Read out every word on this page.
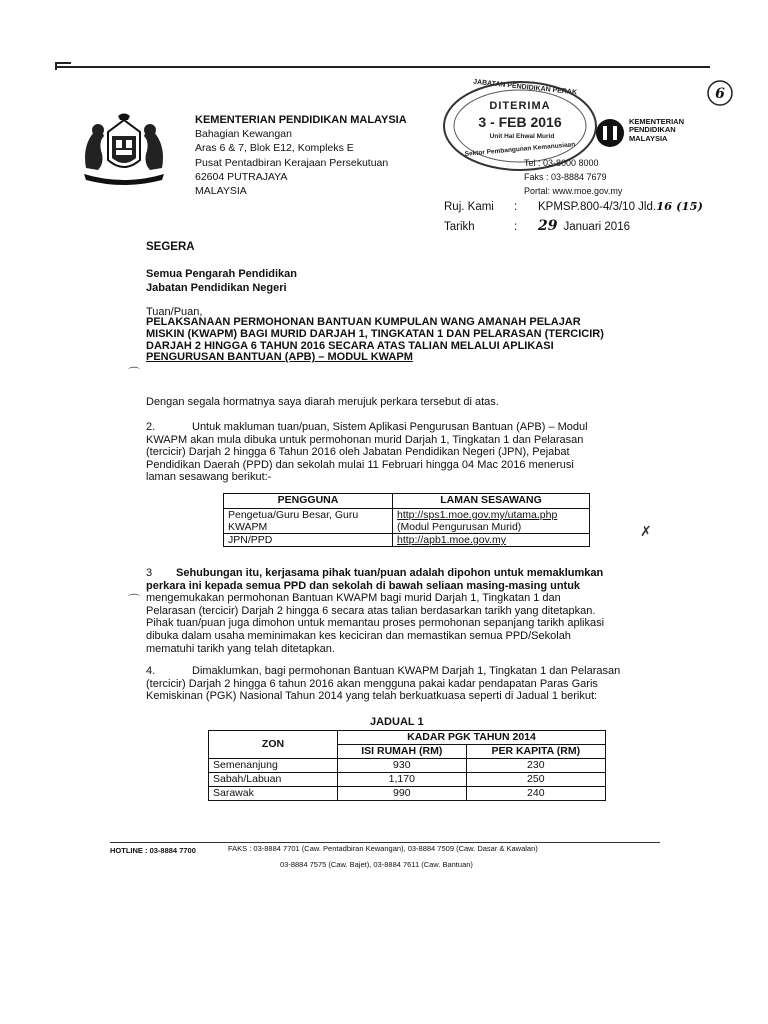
KEMENTERIAN PENDIDIKAN MALAYSIA
Bahagian Kewangan
Aras 6 & 7, Blok E12, Kompleks E
Pusat Pentadbiran Kerajaan Persekutuan
62604 PUTRAJAYA
MALAYSIA
JABATAN PENDIDIKAN PERAK
DITERIMA
3 - FEB 2016
Unit Hal Ehwal Murid
Sektor Pembangunan Kemanusiaan
6
KEMENTERIAN
PENDIDIKAN
MALAYSIA
Tel : 03-8000 8000
Faks : 03-8884 7679
Portal: www.moe.gov.my
Ruj. Kami : KPMSP.800-4/3/10 Jld.16 (15)
Tarikh	: 29 Januari 2016
SEGERA
Semua Pengarah Pendidikan
Jabatan Pendidikan Negeri
Tuan/Puan,
PELAKSANAAN PERMOHONAN BANTUAN KUMPULAN WANG AMANAH PELAJAR
MISKIN (KWAPM) BAGI MURID DARJAH 1, TINGKATAN 1 DAN PELARASAN (TERCICIR)
DARJAH 2 HINGGA 6 TAHUN 2016 SECARA ATAS TALIAN MELALUI APLIKASI
PENGURUSAN BANTUAN (APB) – MODUL KWAPM
⌒
Dengan segala hormatnya saya diarah merujuk perkara tersebut di atas.
2.	Untuk makluman tuan/puan, Sistem Aplikasi Pengurusan Bantuan (APB) – Modul
KWAPM akan mula dibuka untuk permohonan murid Darjah 1, Tingkatan 1 dan Pelarasan
(tercicir) Darjah 2 hingga 6 Tahun 2016 oleh Jabatan Pendidikan Negeri (JPN), Pejabat
Pendidikan Daerah (PPD) dan sekolah mulai 11 Februari hingga 04 Mac 2016 menerusi
laman sesawang berikut:-
PENGGUNA	LAMAN SESAWANG
Pengetua/Guru Besar, Guru KWAPM	http://sps1.moe.gov.my/utama.php
(Modul Pengurusan Murid)

JPN/PPD	http://apb1.moe.gov.my
✗
3 Sehubungan itu, kerjasama pihak tuan/puan adalah dipohon untuk memaklumkan
perkara ini kepada semua PPD dan sekolah di bawah seliaan masing-masing untuk
mengemukakan permohonan Bantuan KWAPM bagi murid Darjah 1, Tingkatan 1 dan
Pelarasan (tercicir) Darjah 2 hingga 6 secara atas talian berdasarkan tarikh yang ditetapkan.
Pihak tuan/puan juga dimohon untuk memantau proses permohonan sepanjang tarikh aplikasi
dibuka dalam usaha meminimakan kes keciciran dan memastikan semua PPD/Sekolah
mematuhi tarikh yang telah ditetapkan.
⌒
4.	Dimaklumkan, bagi permohonan Bantuan KWAPM Darjah 1, Tingkatan 1 dan Pelarasan
(tercicir) Darjah 2 hingga 6 tahun 2016 akan mengguna pakai kadar pendapatan Paras Garis
Kemiskinan (PGK) Nasional Tahun 2014 yang telah berkuatkuasa seperti di Jadual 1 berikut:
JADUAL 1
ZON	KADAR PGK TAHUN 2014	
	ISI RUMAH (RM)	PER KAPITA (RM)
Semenanjung	930	230
Sabah/Labuan	1,170	250
Sarawak	990	240
HOTLINE : 03-8884 7700	FAKS : 03-8884 7701 (Caw. Pentadbiran Kewangan), 03-8884 7509 (Caw. Dasar & Kawalan)
03-8884 7575 (Caw. Bajet), 03-8884 7611 (Caw. Bantuan)
